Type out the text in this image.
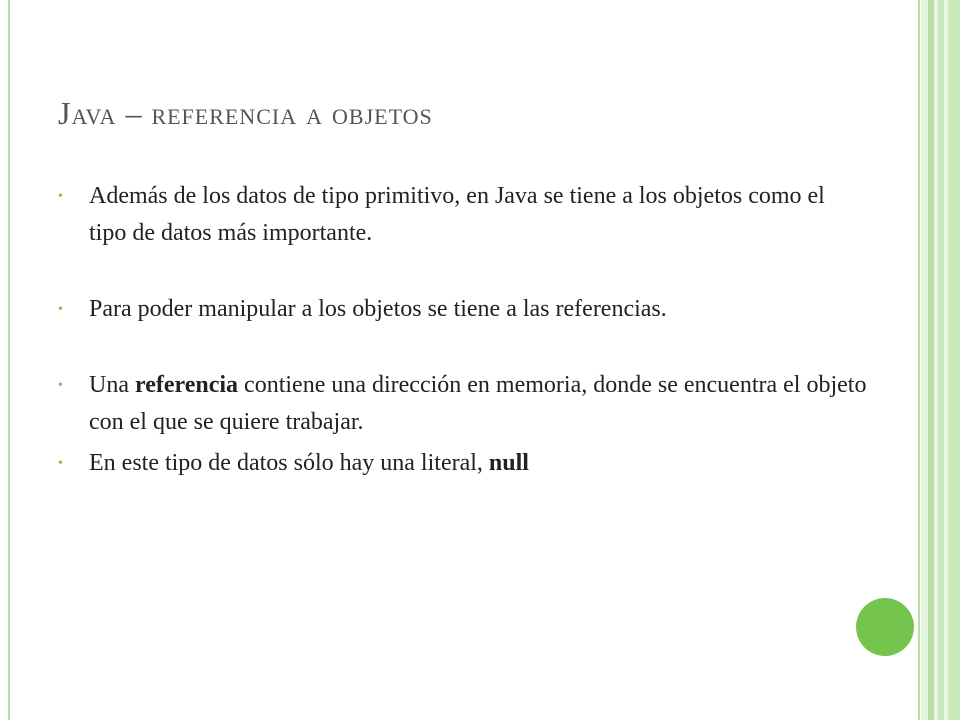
Java – referencia a objetos
• Además de los datos de tipo primitivo, en Java se tiene a los objetos como el tipo de datos más importante.
• Para poder manipular a los objetos se tiene a las referencias.
• Una referencia contiene una dirección en memoria, donde se encuentra el objeto con el que se quiere trabajar.
• En este tipo de datos sólo hay una literal, null
